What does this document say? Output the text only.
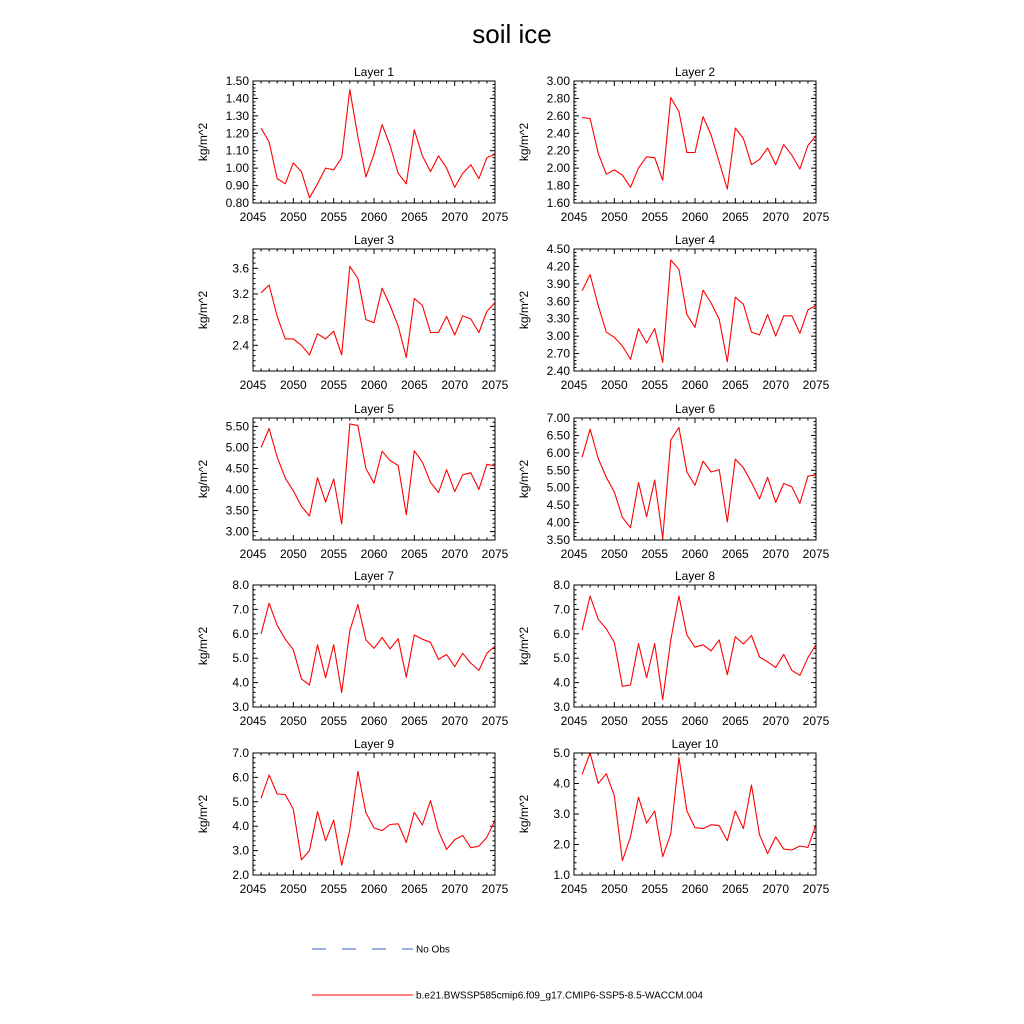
soil ice
Layer 1
kg/m^2
2045 2050 2055 2060 2065 2070 2075
0.80
0.90
1.00
1.10
1.20
1.30
1.40
1.50
Layer 2
kg/m^2
2045 2050 2055 2060 2065 2070 2075
1.60
1.80
2.00
2.20
2.40
2.60
2.80
3.00
Layer 3
kg/m^2
2045 2050 2055 2060 2065 2070 2075
2.4
2.8
3.2
3.6
Layer 4
kg/m^2
2045 2050 2055 2060 2065 2070 2075
2.40
2.70
3.00
3.30
3.60
3.90
4.20
4.50
Layer 5
kg/m^2
2045 2050 2055 2060 2065 2070 2075
3.00
3.50
4.00
4.50
5.00
5.50
Layer 6
kg/m^2
2045 2050 2055 2060 2065 2070 2075
3.50
4.00
4.50
5.00
5.50
6.00
6.50
7.00
Layer 7
kg/m^2
2045 2050 2055 2060 2065 2070 2075
3.0
4.0
5.0
6.0
7.0
8.0
Layer 8
kg/m^2
2045 2050 2055 2060 2065 2070 2075
3.0
4.0
5.0
6.0
7.0
8.0
Layer 9
kg/m^2
2045 2050 2055 2060 2065 2070 2075
2.0
3.0
4.0
5.0
6.0
7.0
Layer 10
kg/m^2
2045 2050 2055 2060 2065 2070 2075
1.0
2.0
3.0
4.0
5.0
No Obs
b.e21.BWSSP585cmip6.f09_g17.CMIP6-SSP5-8.5-WACCM.004
